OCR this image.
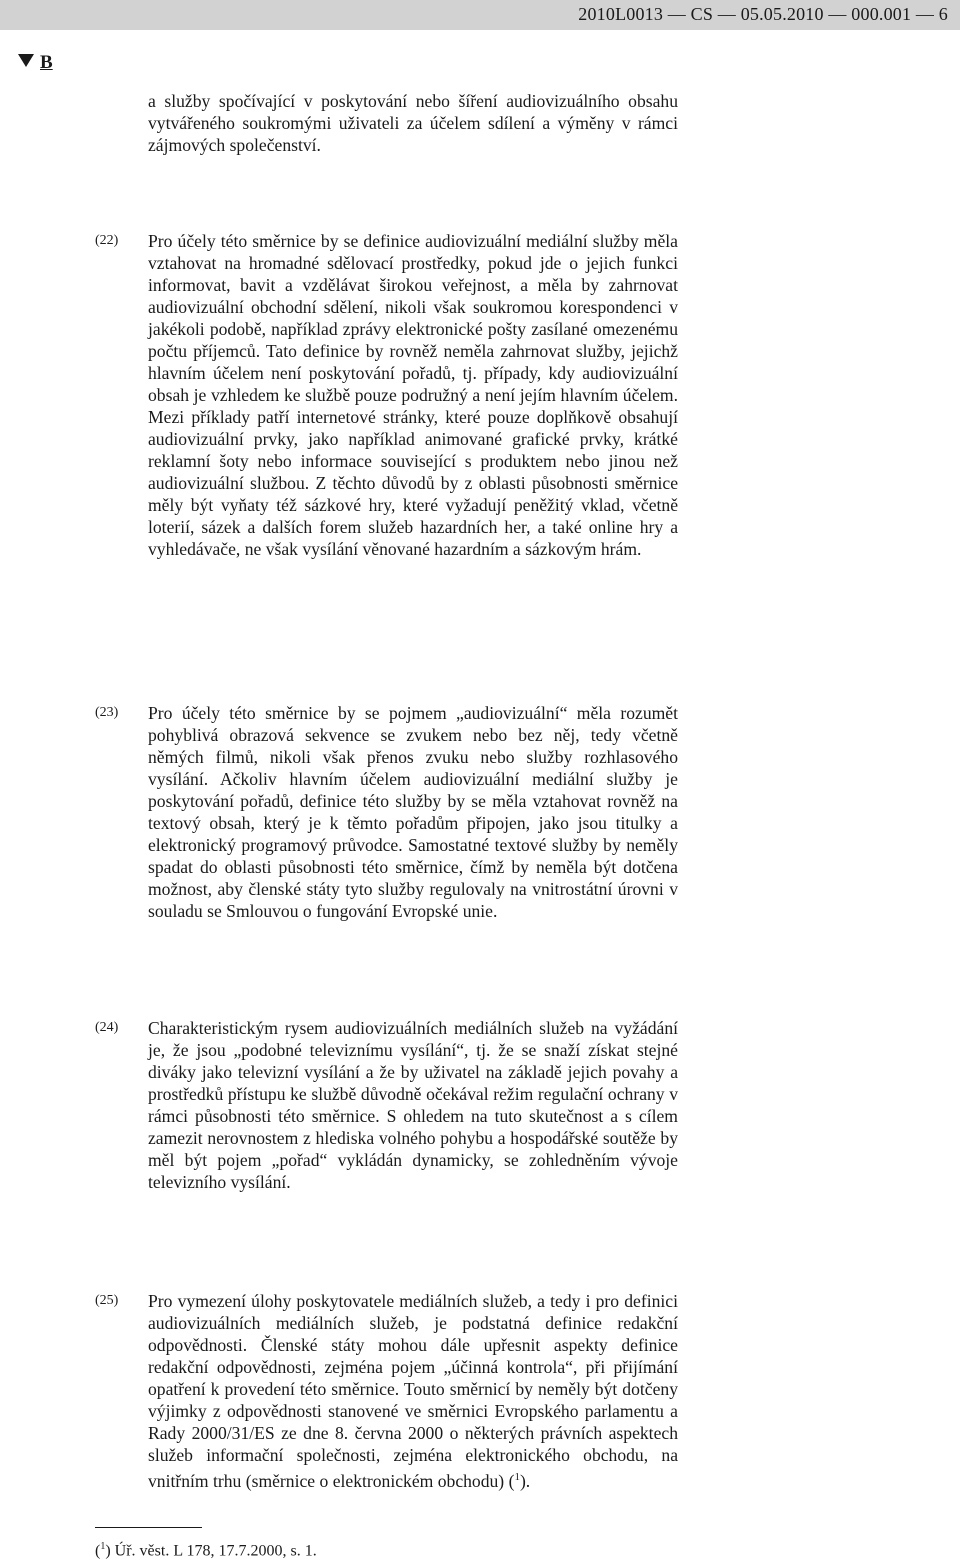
2010L0013 — CS — 05.05.2010 — 000.001 — 6
B
a služby spočívající v poskytování nebo šíření audiovizuálního obsahu vytvářeného soukromými uživateli za účelem sdílení a výměny v rámci zájmových společenství.
(22) Pro účely této směrnice by se definice audiovizuální mediální služby měla vztahovat na hromadné sdělovací prostředky, pokud jde o jejich funkci informovat, bavit a vzdělávat širokou veřejnost, a měla by zahrnovat audiovizuální obchodní sdělení, nikoli však soukromou korespondenci v jakékoli podobě, například zprávy elektronické pošty zasílané omezenému počtu příjemců. Tato definice by rovněž neměla zahrnovat služby, jejichž hlavním účelem není poskytování pořadů, tj. případy, kdy audiovizuální obsah je vzhledem ke službě pouze podružný a není jejím hlavním účelem. Mezi příklady patří internetové stránky, které pouze doplňkově obsahují audiovizuální prvky, jako například animované grafické prvky, krátké reklamní šoty nebo informace související s produktem nebo jinou než audiovizuální službou. Z těchto důvodů by z oblasti působnosti směrnice měly být vyňaty též sázkové hry, které vyžadují peněžitý vklad, včetně loterií, sázek a dalších forem služeb hazardních her, a také online hry a vyhledávače, ne však vysílání věnované hazardním a sázkovým hrám.
(23) Pro účely této směrnice by se pojmem „audiovizuální“ měla rozumět pohyblivá obrazová sekvence se zvukem nebo bez něj, tedy včetně němých filmů, nikoli však přenos zvuku nebo služby rozhlasového vysílání. Ačkoliv hlavním účelem audiovizuální mediální služby je poskytování pořadů, definice této služby by se měla vztahovat rovněž na textový obsah, který je k těmto pořadům připojen, jako jsou titulky a elektronický programový průvodce. Samostatné textové služby by neměly spadat do oblasti působnosti této směrnice, čímž by neměla být dotčena možnost, aby členské státy tyto služby regulovaly na vnitrostátní úrovni v souladu se Smlouvou o fungování Evropské unie.
(24) Charakteristickým rysem audiovizuálních mediálních služeb na vyžádání je, že jsou „podobné televiznímu vysílání“, tj. že se snaží získat stejné diváky jako televizní vysílání a že by uživatel na základě jejich povahy a prostředků přístupu ke službě důvodně očekával režim regulační ochrany v rámci působnosti této směrnice. S ohledem na tuto skutečnost a s cílem zamezit nerovnostem z hlediska volného pohybu a hospodářské soutěže by měl být pojem „pořad“ vykládán dynamicky, se zohledněním vývoje televizního vysílání.
(25) Pro vymezení úlohy poskytovatele mediálních služeb, a tedy i pro definici audiovizuálních mediálních služeb, je podstatná definice redakční odpovědnosti. Členské státy mohou dále upřesnit aspekty definice redakční odpovědnosti, zejména pojem „účinná kontrola“, při přijímání opatření k provedení této směrnice. Touto směrnicí by neměly být dotčeny výjimky z odpovědnosti stanovené ve směrnici Evropského parlamentu a Rady 2000/31/ES ze dne 8. června 2000 o některých právních aspektech služeb informační společnosti, zejména elektronického obchodu, na vnitřním trhu (směrnice o elektronickém obchodu) ($^1$).
($^1$) Úř. věst. L 178, 17.7.2000, s. 1.
